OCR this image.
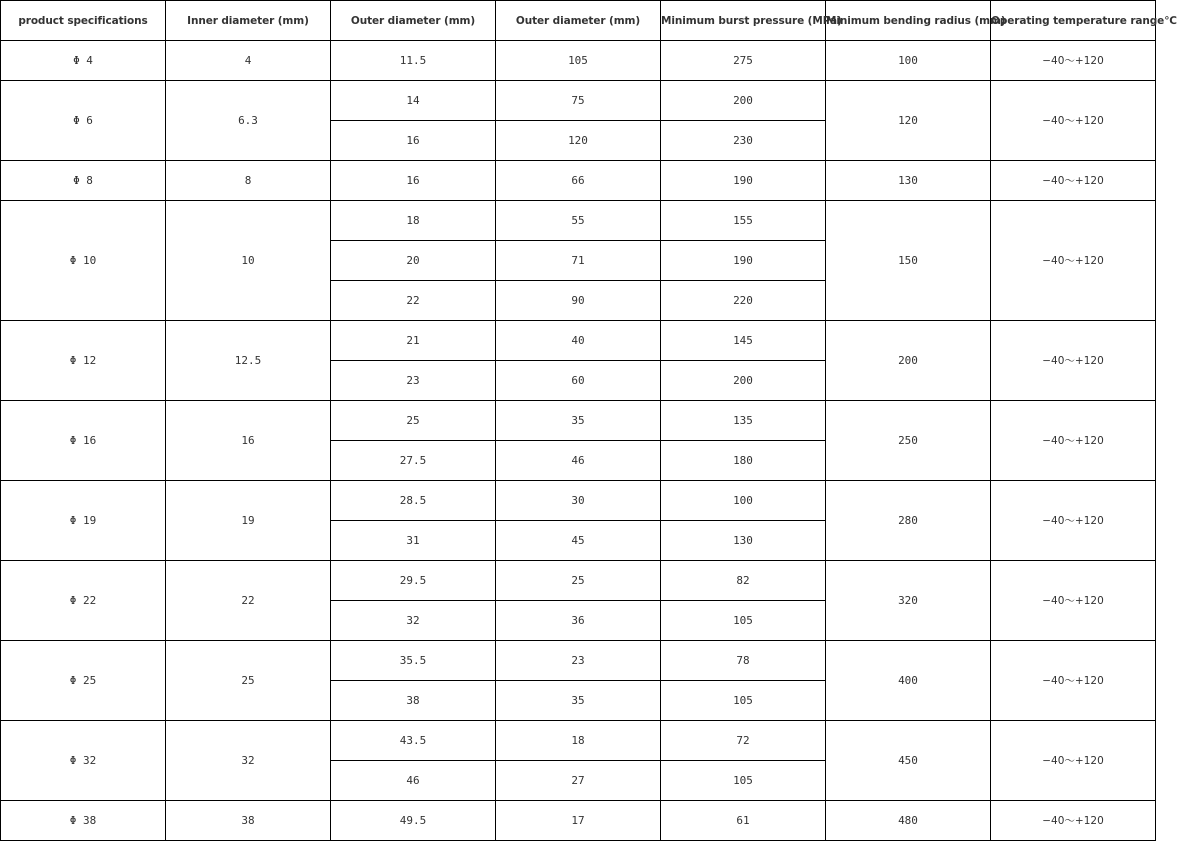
product specifications	Inner diameter (mm)	Outer diameter (mm)	Outer diameter (mm)	Minimum burst pressure (MPa)	Minimum bending radius (mm)	Operating temperature range℃
Φ 4	4	11.5	105	275	100	−40～+120
Φ 6	6.3	14	75	200	120	−40～+120
		16	120	230		
Φ 8	8	16	66	190	130	−40～+120
Φ 10	10	18	55	155	150	−40～+120
		20	71	190		
		22	90	220		
Φ 12	12.5	21	40	145	200	−40～+120
		23	60	200		
Φ 16	16	25	35	135	250	−40～+120
		27.5	46	180		
Φ 19	19	28.5	30	100	280	−40～+120
		31	45	130		
Φ 22	22	29.5	25	82	320	−40～+120
		32	36	105		
Φ 25	25	35.5	23	78	400	−40～+120
		38	35	105		
Φ 32	32	43.5	18	72	450	−40～+120
		46	27	105		
Φ 38	38	49.5	17	61	480	−40～+120
